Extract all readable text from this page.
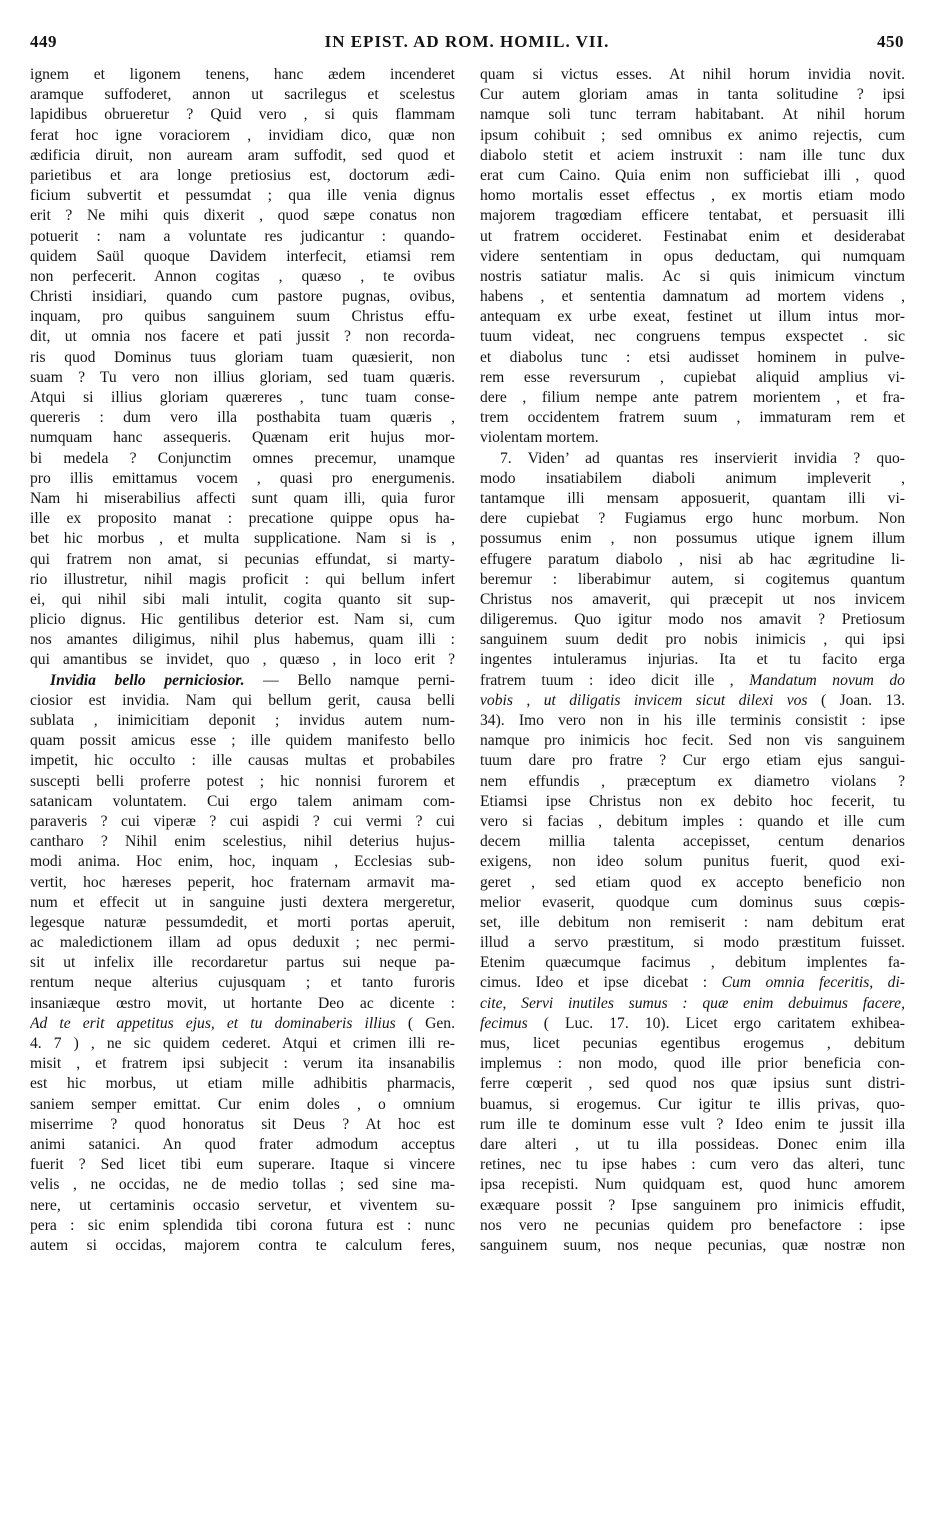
449	IN EPIST. AD ROM. HOMIL. VII.	450
ignem et ligonem tenens, hanc ædem incenderet
aramque suffoderet, annon ut sacrilegus et scelestus
lapidibus obrueretur ? Quid vero , si quis flammam
ferat hoc igne voraciorem , invidiam dico, quæ non
ædificia diruit, non auream aram suffodit, sed quod et
parietibus et ara longe pretiosius est, doctorum ædi-
ficium subvertit et pessumdat ; qua ille venia dignus
erit ? Ne mihi quis dixerit , quod sæpe conatus non
potuerit : nam a voluntate res judicantur : quando-
quidem Saül quoque Davidem interfecit, etiamsi rem
non perfecerit. Annon cogitas , quæso , te ovibus
Christi insidiari, quando cum pastore pugnas, ovibus,
inquam, pro quibus sanguinem suum Christus effu-
dit, ut omnia nos facere et pati jussit ? non recorda-
ris quod Dominus tuus gloriam tuam quæsierit, non
suam ? Tu vero non illius gloriam, sed tuam quæris.
Atqui si illius gloriam quæreres , tunc tuam conse-
quereris : dum vero illa posthabita tuam quæris ,
numquam hanc assequeris. Quænam erit hujus mor-
bi medela ? Conjunctim omnes precemur, unamque
pro illis emittamus vocem , quasi pro energumenis.
Nam hi miserabilius affecti sunt quam illi, quia furor
ille ex proposito manat : precatione quippe opus ha-
bet hic morbus , et multa supplicatione. Nam si is ,
qui fratrem non amat, si pecunias effundat, si marty-
rio illustretur, nihil magis proficit : qui bellum infert
ei, qui nihil sibi mali intulit, cogita quanto sit sup-
plicio dignus. Hic gentilibus deterior est. Nam si, cum
nos amantes diligimus, nihil plus habemus, quam illi :
qui amantibus se invidet, quo , quæso , in loco erit ?
Invidia bello perniciosior. — Bello namque perni-
ciosior est invidia. Nam qui bellum gerit, causa belli
sublata , inimicitiam deponit ; invidus autem num-
quam possit amicus esse ; ille quidem manifesto bello
impetit, hic occulto : ille causas multas et probabiles
suscepti belli proferre potest ; hic nonnisi furorem et
satanicam voluntatem. Cui ergo talem animam com-
paraveris ? cui viperæ ? cui aspidi ? cui vermi ? cui
cantharo ? Nihil enim scelestius, nihil deterius hujus-
modi anima. Hoc enim, hoc, inquam , Ecclesias sub-
vertit, hoc hæreses peperit, hoc fraternam armavit ma-
num et effecit ut in sanguine justi dextera mergeretur,
legesque naturæ pessumdedit, et morti portas aperuit,
ac maledictionem illam ad opus deduxit ; nec permi-
sit ut infelix ille recordaretur partus sui neque pa-
rentum neque alterius cujusquam ; et tanto furoris
insaniæque œstro movit, ut hortante Deo ac dicente :
Ad te erit appetitus ejus, et tu dominaberis illius ( Gen.
4. 7 ) , ne sic quidem cederet. Atqui et crimen illi re-
misit , et fratrem ipsi subjecit : verum ita insanabilis
est hic morbus, ut etiam mille adhibitis pharmacis,
saniem semper emittat. Cur enim doles , o omnium
miserrime ? quod honoratus sit Deus ? At hoc est
animi satanici. An quod frater admodum acceptus
fuerit ? Sed licet tibi eum superare. Itaque si vincere
velis , ne occidas, ne de medio tollas ; sed sine ma-
nere, ut certaminis occasio servetur, et viventem su-
pera : sic enim splendida tibi corona futura est : nunc
autem si occidas, majorem contra te calculum feres,
quam si victus esses. At nihil horum invidia novit.
Cur autem gloriam amas in tanta solitudine ? ipsi
namque soli tunc terram habitabant. At nihil horum
ipsum cohibuit ; sed omnibus ex animo rejectis, cum
diabolo stetit et aciem instruxit : nam ille tunc dux
erat cum Caino. Quia enim non sufficiebat illi , quod
homo mortalis esset effectus , ex mortis etiam modo
majorem tragœdiam efficere tentabat, et persuasit illi
ut fratrem occideret. Festinabat enim et desiderabat
videre sententiam in opus deductam, qui numquam
nostris satiatur malis. Ac si quis inimicum vinctum
habens , et sententia damnatum ad mortem videns ,
antequam ex urbe exeat, festinet ut illum intus mor-
tuum videat, nec congruens tempus exspectet . sic
et diabolus tunc : etsi audisset hominem in pulve-
rem esse reversurum , cupiebat aliquid amplius vi-
dere , filium nempe ante patrem morientem , et fra-
trem occidentem fratrem suum , immaturam rem et
violentam mortem.
7. Viden’ ad quantas res inservierit invidia ? quo-
modo insatiabilem diaboli animum impleverit ,
tantamque illi mensam apposuerit, quantam illi vi-
dere cupiebat ? Fugiamus ergo hunc morbum. Non
possumus enim , non possumus utique ignem illum
effugere paratum diabolo , nisi ab hac ægritudine li-
beremur : liberabimur autem, si cogitemus quantum
Christus nos amaverit, qui præcepit ut nos invicem
diligeremus. Quo igitur modo nos amavit ? Pretiosum
sanguinem suum dedit pro nobis inimicis , qui ipsi
ingentes intuleramus injurias. Ita et tu facito erga
fratrem tuum : ideo dicit ille , Mandatum novum do
vobis , ut diligatis invicem sicut dilexi vos ( Joan. 13.
34). Imo vero non in his ille terminis consistit : ipse
namque pro inimicis hoc fecit. Sed non vis sanguinem
tuum dare pro fratre ? Cur ergo etiam ejus sangui-
nem effundis , præceptum ex diametro violans ?
Etiamsi ipse Christus non ex debito hoc fecerit, tu
vero si facias , debitum imples : quando et ille cum
decem millia talenta accepisset, centum denarios
exigens, non ideo solum punitus fuerit, quod exi-
geret , sed etiam quod ex accepto beneficio non
melior evaserit, quodque cum dominus suus cœpis-
set, ille debitum non remiserit : nam debitum erat
illud a servo præstitum, si modo præstitum fuisset.
Etenim quæcumque facimus , debitum implentes fa-
cimus. Ideo et ipse dicebat : Cum omnia feceritis, di-
cite, Servi inutiles sumus : quæ enim debuimus facere,
fecimus ( Luc. 17. 10). Licet ergo caritatem exhibea-
mus, licet pecunias egentibus erogemus , debitum
implemus : non modo, quod ille prior beneficia con-
ferre cœperit , sed quod nos quæ ipsius sunt distri-
buamus, si erogemus. Cur igitur te illis privas, quo-
rum ille te dominum esse vult ? Ideo enim te jussit illa
dare alteri , ut tu illa possideas. Donec enim illa
retines, nec tu ipse habes : cum vero das alteri, tunc
ipsa recepisti. Num quidquam est, quod hunc amorem
exæquare possit ? Ipse sanguinem pro inimicis effudit,
nos vero ne pecunias quidem pro benefactore : ipse
sanguinem suum, nos neque pecunias, quæ nostræ non
